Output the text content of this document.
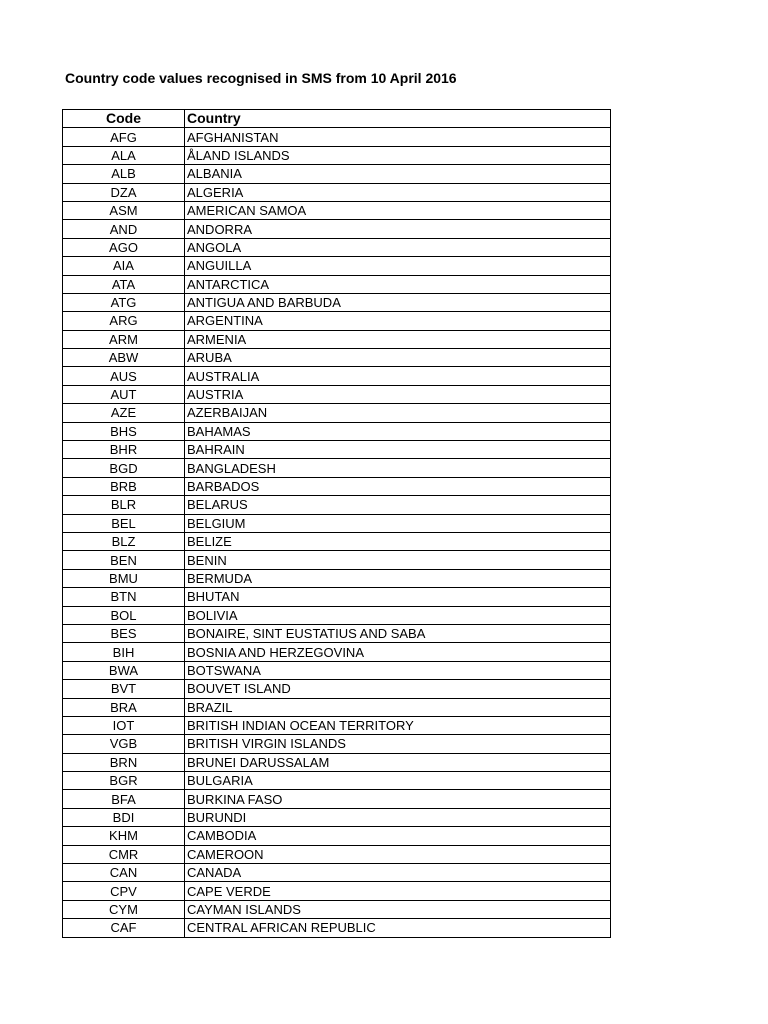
Country code values recognised in SMS from 10 April 2016
Code	Country
AFG	AFGHANISTAN
ALA	ÅLAND ISLANDS
ALB	ALBANIA
DZA	ALGERIA
ASM	AMERICAN SAMOA
AND	ANDORRA
AGO	ANGOLA
AIA	ANGUILLA
ATA	ANTARCTICA
ATG	ANTIGUA AND BARBUDA
ARG	ARGENTINA
ARM	ARMENIA
ABW	ARUBA
AUS	AUSTRALIA
AUT	AUSTRIA
AZE	AZERBAIJAN
BHS	BAHAMAS
BHR	BAHRAIN
BGD	BANGLADESH
BRB	BARBADOS
BLR	BELARUS
BEL	BELGIUM
BLZ	BELIZE
BEN	BENIN
BMU	BERMUDA
BTN	BHUTAN
BOL	BOLIVIA
BES	BONAIRE, SINT EUSTATIUS AND SABA
BIH	BOSNIA AND HERZEGOVINA
BWA	BOTSWANA
BVT	BOUVET ISLAND
BRA	BRAZIL
IOT	BRITISH INDIAN OCEAN TERRITORY
VGB	BRITISH VIRGIN ISLANDS
BRN	BRUNEI DARUSSALAM
BGR	BULGARIA
BFA	BURKINA FASO
BDI	BURUNDI
KHM	CAMBODIA
CMR	CAMEROON
CAN	CANADA
CPV	CAPE VERDE
CYM	CAYMAN ISLANDS
CAF	CENTRAL AFRICAN REPUBLIC
